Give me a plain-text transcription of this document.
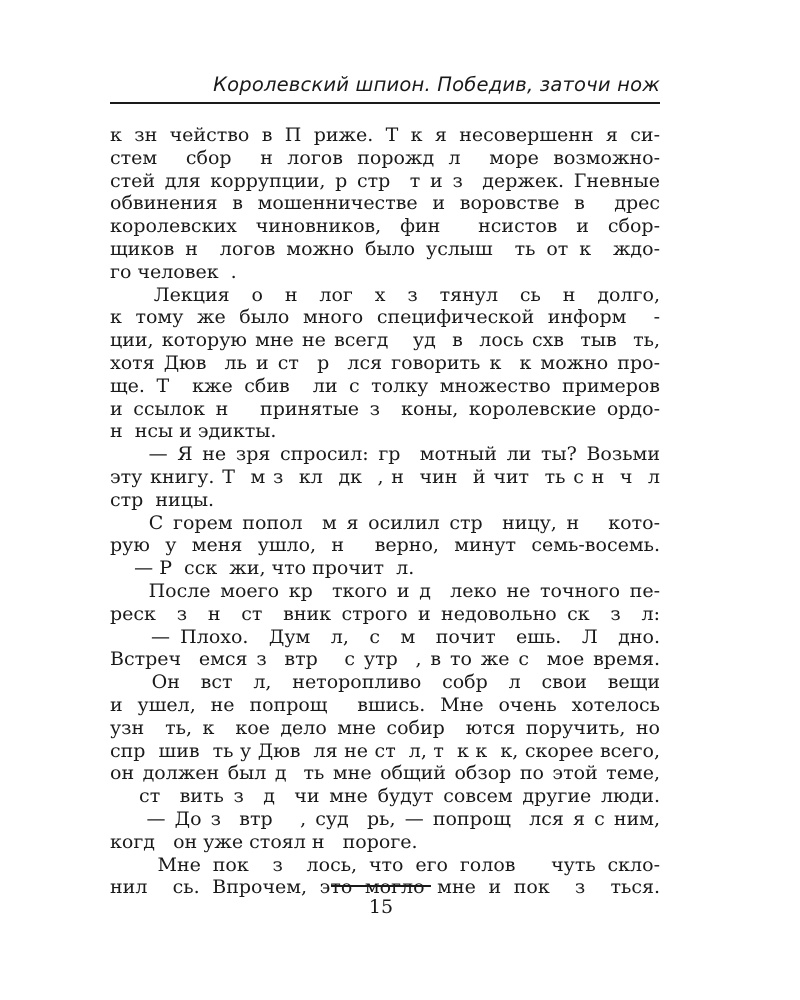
Королевский шпион. Победив, заточи нож
к зн чейство в П риже. Т к я несовершенн я си-
стем  сбор  н логов порожд л  море возможно-
стей для коррупции, р стр  т и з  держек. Гневные
обвинения в мошенничестве и воровстве в  дрес
королевских чиновников, фин  нсистов и сбор-
щиков н  логов можно было услыш  ть от к  ждо-
го человек  .
Лекция  о  н  лог  х  з  тянул  сь  н  долго,
к тому же было много специфической информ  -
ции, которую мне не всегд   уд  в  лось схв  тыв  ть,
хотя Дюв  ль и ст  р  лся говорить к  к можно про-
ще. Т  кже сбив  ли с толку множество примеров
и ссылок н   принятые з  коны, королевские ордо-
н  нсы и эдикты.
— Я не зря спросил: гр  мотный ли ты? Возьми
эту книгу. Т  м з  кл  дк  , н  чин  й чит  ть с н  ч  л
стр  ницы.
С горем попол  м я осилил стр  ницу, н   кото-
рую у меня ушло, н  верно, минут семь-восемь.
— Р  сск  жи, что прочит  л.
После моего кр  ткого и д  леко не точного пе-
реск  з  н  ст  вник строго и недовольно ск  з  л:
— Плохо.  Дум  л,  с  м  почит  ешь.  Л  дно.
Встреч  емся з  втр   с утр  , в то же с  мое время.
Он  вст  л,  неторопливо  собр  л  свои  вещи
и ушел, не попрощ  вшись. Мне очень хотелось
узн  ть, к  кое дело мне собир  ются поручить, но
спр  шив  ть у Дюв  ля не ст  л, т  к к  к, скорее всего,
он должен был д  ть мне общий обзор по этой теме,
ст  вить з  д  чи мне будут совсем другие люди.
— До з  втр   , суд  рь, — попрощ  лся я с ним,
когд   он уже стоял н   пороге.
Мне пок  з  лось, что его голов   чуть скло-
нил  сь. Впрочем, это могло мне и пок  з  ться.
15
